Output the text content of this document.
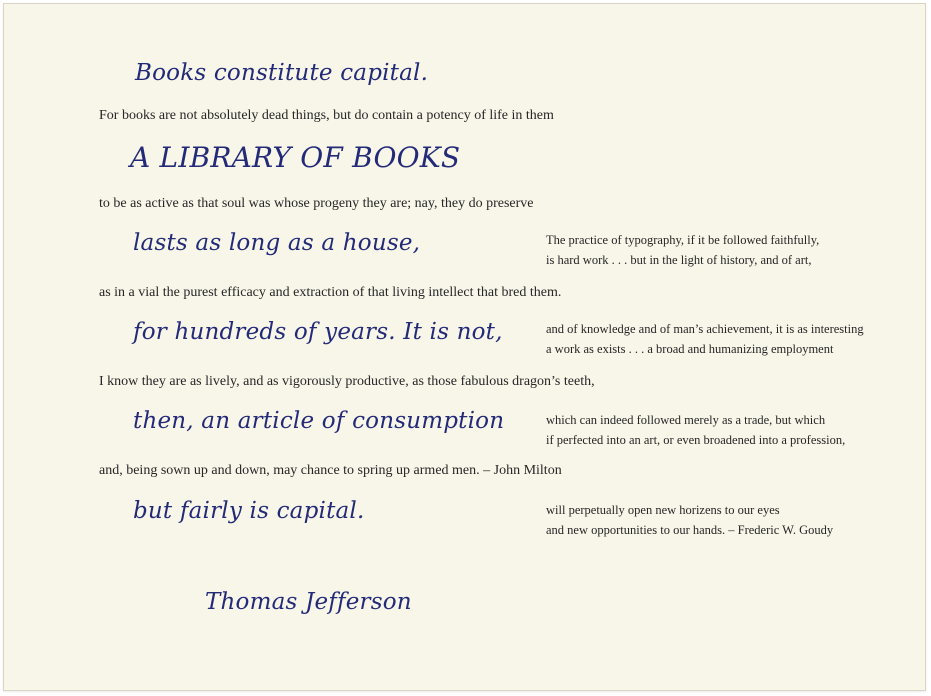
Books constitute capital.
A LIBRARY OF BOOKS
lasts as long as a house,
for hundreds of years. It is not,
then, an article of consumption
but fairly is capital.
Thomas Jefferson
For books are not absolutely dead things, but do contain a potency of life in them
to be as active as that soul was whose progeny they are; nay, they do preserve
as in a vial the purest efficacy and extraction of that living intellect that bred them.
I know they are as lively, and as vigorously productive, as those fabulous dragon’s teeth,
and, being sown up and down, may chance to spring up armed men. – John Milton
The practice of typography, if it be followed faithfully,
is hard work . . . but in the light of history, and of art,
and of knowledge and of man’s achievement, it is as interesting
a work as exists . . . a broad and humanizing employment
which can indeed followed merely as a trade, but which
if perfected into an art, or even broadened into a profession,
will perpetually open new horizens to our eyes
and new opportunities to our hands. – Frederic W. Goudy
